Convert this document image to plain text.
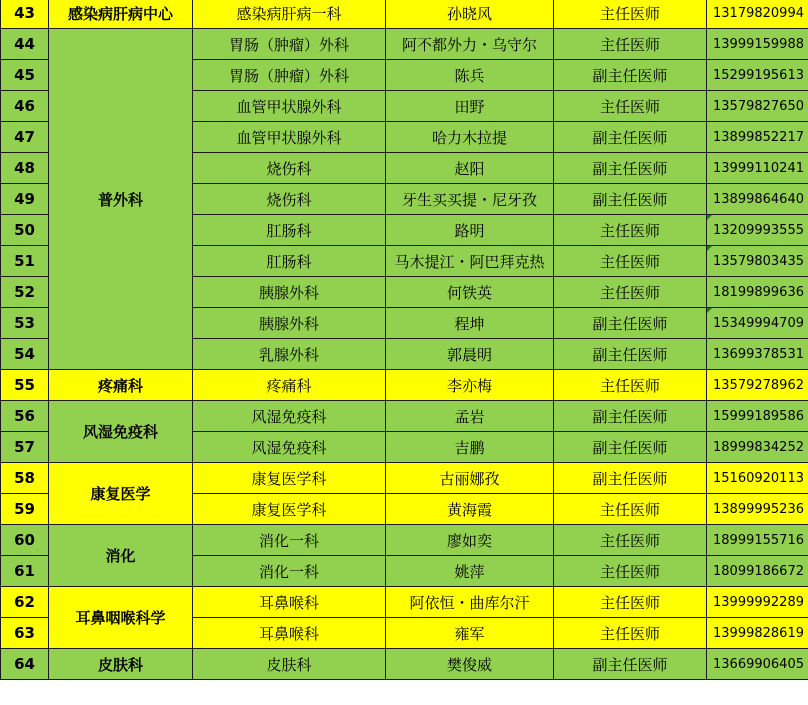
43	感染病肝病中心	感染病肝病一科	孙晓风	主任医师	13179820994
44	普外科	胃肠（肿瘤）外科	阿不都外力・乌守尔	主任医师	13999159988
45		胃肠（肿瘤）外科	陈兵	副主任医师	15299195613
46		血管甲状腺外科	田野	主任医师	13579827650
47		血管甲状腺外科	哈力木拉提	副主任医师	13899852217
48		烧伤科	赵阳	副主任医师	13999110241
49		烧伤科	牙生买买提・尼牙孜	副主任医师	13899864640
50		肛肠科	路明	主任医师	13209993555
51		肛肠科	马木提江・阿巴拜克热	主任医师	13579803435
52		胰腺外科	何铁英	主任医师	18199899636
53		胰腺外科	程坤	副主任医师	15349994709
54		乳腺外科	郭晨明	副主任医师	13699378531
55	疼痛科	疼痛科	李亦梅	主任医师	13579278962
56	风湿免疫科	风湿免疫科	孟岩	副主任医师	15999189586
57		风湿免疫科	吉鹏	副主任医师	18999834252
58	康复医学	康复医学科	古丽娜孜	副主任医师	15160920113
59		康复医学科	黄海霞	主任医师	13899995236
60	消化	消化一科	廖如奕	主任医师	18999155716
61		消化一科	姚萍	主任医师	18099186672
62	耳鼻咽喉科学	耳鼻喉科	阿依恒・曲库尔汗	主任医师	13999992289
63		耳鼻喉科	雍军	主任医师	13999828619
64	皮肤科	皮肤科	樊俊威	副主任医师	13669906405
